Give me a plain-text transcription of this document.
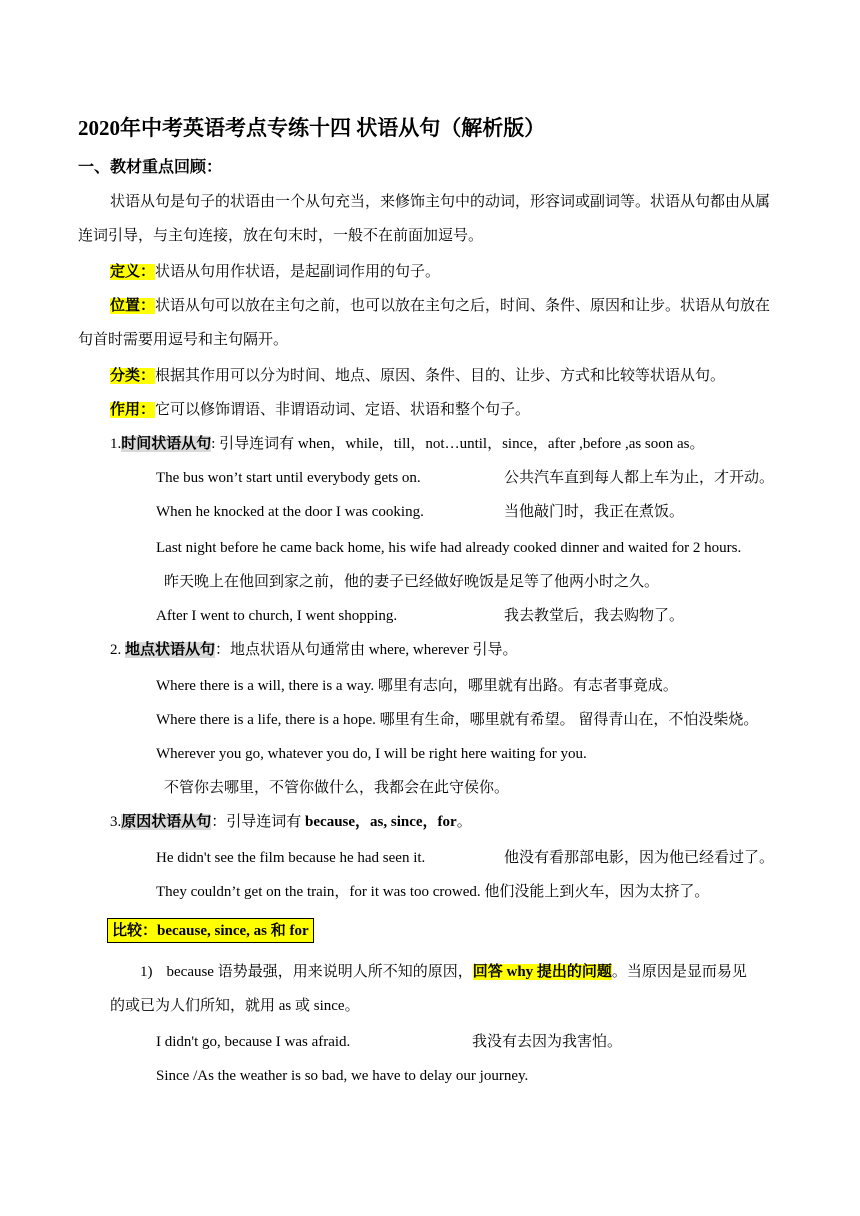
2020年中考英语考点专练十四 状语从句（解析版）
一、教材重点回顾：
状语从句是句子的状语由一个从句充当，来修饰主句中的动词，形容词或副词等。状语从句都由从属
连词引导，与主句连接，放在句末时，一般不在前面加逗号。
定义：状语从句用作状语，是起副词作用的句子。
位置：状语从句可以放在主句之前，也可以放在主句之后，时间、条件、原因和让步。状语从句放在
句首时需要用逗号和主句隔开。
分类：根据其作用可以分为时间、地点、原因、条件、目的、让步、方式和比较等状语从句。
作用：它可以修饰谓语、非谓语动词、定语、状语和整个句子。
1.时间状语从句: 引导连词有 when，while，till，not…until，since，after ,before ,as soon as。
The bus won’t start until everybody gets on.	公共汽车直到每人都上车为止，才开动。
When he knocked at the door I was cooking.	当他敲门时，我正在煮饭。
Last night before he came back home, his wife had already cooked dinner and waited for 2 hours.
昨天晚上在他回到家之前，他的妻子已经做好晚饭是足等了他两小时之久。
After I went to church, I went shopping.	我去教堂后，我去购物了。
2. 地点状语从句：地点状语从句通常由 where, wherever 引导。
Where there is a will, there is a way. 哪里有志向，哪里就有出路。有志者事竟成。
Where there is a life, there is a hope. 哪里有生命，哪里就有希望。 留得青山在，不怕没柴烧。
Wherever you go, whatever you do, I will be right here waiting for you.
不管你去哪里，不管你做什么，我都会在此守侯你。
3.原因状语从句：引导连词有 because，as, since，for。
He didn't see the film because he had seen it.	他没有看那部电影，因为他已经看过了。
They couldn’t get on the train，for it was too crowed. 他们没能上到火车，因为太挤了。
比较：because, since, as 和 for
1) because 语势最强，用来说明人所不知的原因，回答 why 提出的问题。当原因是显而易见
的或已为人们所知，就用 as 或 since。
I didn't go, because I was afraid.	我没有去因为我害怕。
Since /As the weather is so bad, we have to delay our journey.
